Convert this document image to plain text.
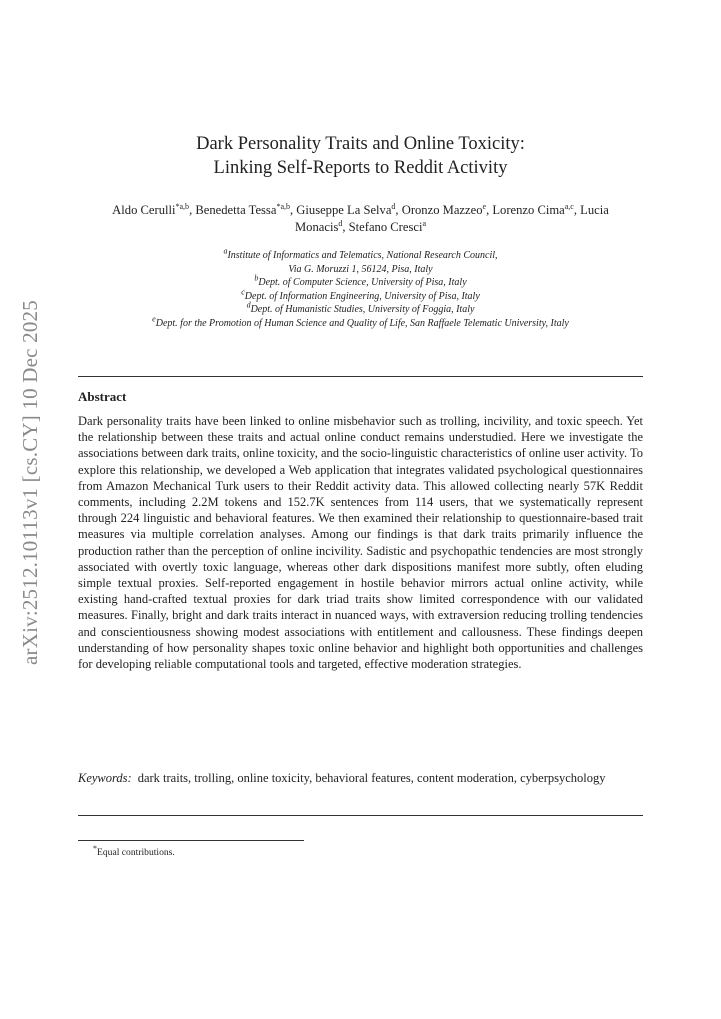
arXiv:2512.10113v1 [cs.CY] 10 Dec 2025
Dark Personality Traits and Online Toxicity:
Linking Self-Reports to Reddit Activity
Aldo Cerulli$^{*a,b}$, Benedetta Tessa$^{*a,b}$, Giuseppe La Selva$^d$, Oronzo Mazzeo$^e$, Lorenzo Cima$^{a,c}$, Lucia Monacis$^d$, Stefano Cresci$^a$
$^a$Institute of Informatics and Telematics, National Research Council,
Via G. Moruzzi 1, 56124, Pisa, Italy
$^b$Dept. of Computer Science, University of Pisa, Italy
$^c$Dept. of Information Engineering, University of Pisa, Italy
$^d$Dept. of Humanistic Studies, University of Foggia, Italy
$^e$Dept. for the Promotion of Human Science and Quality of Life, San Raffaele Telematic University, Italy
Abstract
Dark personality traits have been linked to online misbehavior such as trolling, incivility, and toxic speech. Yet the relationship between these traits and actual online conduct remains understudied. Here we investigate the associations between dark traits, online toxicity, and the socio-linguistic characteristics of online user activity. To explore this relationship, we developed a Web application that integrates validated psychological questionnaires from Amazon Mechanical Turk users to their Reddit activity data. This allowed collecting nearly 57K Reddit comments, including 2.2M tokens and 152.7K sentences from 114 users, that we systematically represent through 224 linguistic and behavioral features. We then examined their relationship to questionnaire-based trait measures via multiple correlation analyses. Among our findings is that dark traits primarily influence the production rather than the perception of online incivility. Sadistic and psychopathic tendencies are most strongly associated with overtly toxic language, whereas other dark dispositions manifest more subtly, often eluding simple textual proxies. Self-reported engagement in hostile behavior mirrors actual online activity, while existing hand-crafted textual proxies for dark triad traits show limited correspondence with our validated measures. Finally, bright and dark traits interact in nuanced ways, with extraversion reducing trolling tendencies and conscientiousness showing modest associations with entitlement and callousness. These findings deepen understanding of how personality shapes toxic online behavior and highlight both opportunities and challenges for developing reliable computational tools and targeted, effective moderation strategies.
Keywords: dark traits, trolling, online toxicity, behavioral features, content moderation, cyberpsychology
*Equal contributions.
